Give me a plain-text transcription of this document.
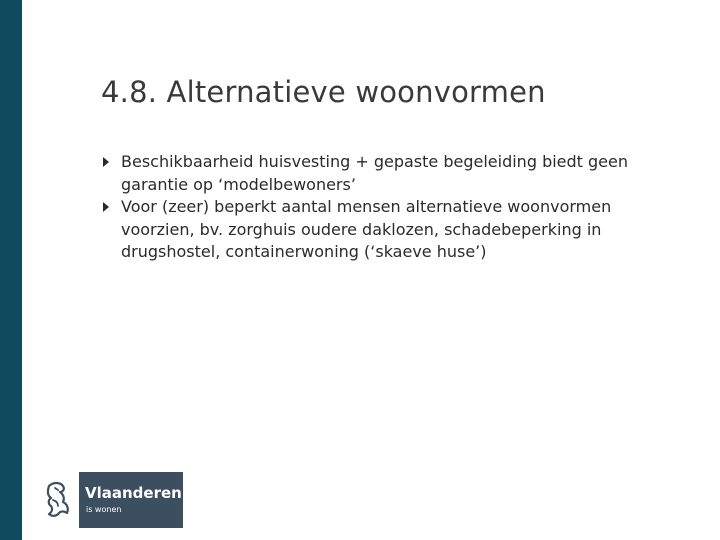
4.8. Alternatieve woonvormen
Beschikbaarheid huisvesting + gepaste begeleiding biedt geen garantie op ‘modelbewoners’
Voor (zeer) beperkt aantal mensen alternatieve woonvormen voorzien, bv. zorghuis oudere daklozen, schadebeperking in drugshostel, containerwoning (‘skaeve huse’)
Vlaanderen
is wonen
